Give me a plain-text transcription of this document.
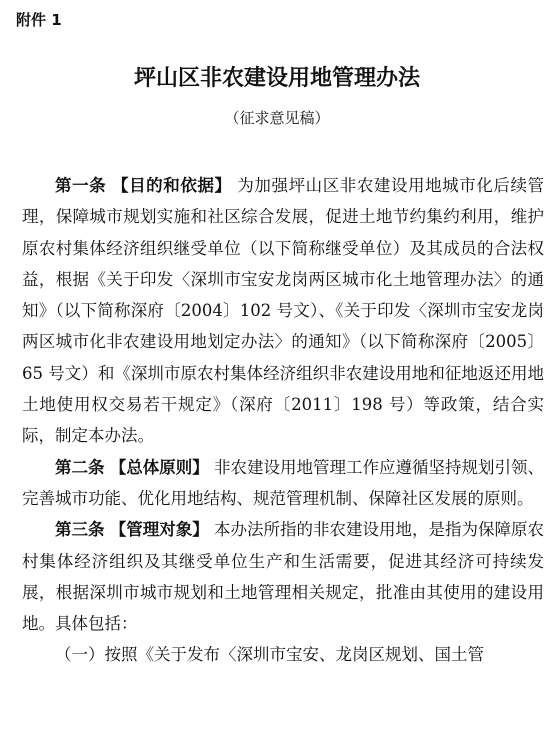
附件 1
坪山区非农建设用地管理办法
（征求意见稿）

第一条 【目的和依据】 为加强坪山区非农建设用地城市化后续管理，保障城市规划实施和社区综合发展，促进土地节约集约利用，维护原农村集体经济组织继受单位（以下简称继受单位）及其成员的合法权益，根据《关于印发〈深圳市宝安龙岗两区城市化土地管理办法〉的通知》（以下简称深府〔2004〕102 号文）、《关于印发〈深圳市宝安龙岗两区城市化非农建设用地划定办法〉的通知》（以下简称深府〔2005〕65 号文）和《深圳市原农村集体经济组织非农建设用地和征地返还用地土地使用权交易若干规定》（深府〔2011〕198 号）等政策，结合实际，制定本办法。

第二条 【总体原则】 非农建设用地管理工作应遵循坚持规划引领、完善城市功能、优化用地结构、规范管理机制、保障社区发展的原则。

第三条 【管理对象】 本办法所指的非农建设用地，是指为保障原农村集体经济组织及其继受单位生产和生活需要，促进其经济可持续发展，根据深圳市城市规划和土地管理相关规定，批准由其使用的建设用地。具体包括：

（一）按照《关于发布〈深圳市宝安、龙岗区规划、国土管
